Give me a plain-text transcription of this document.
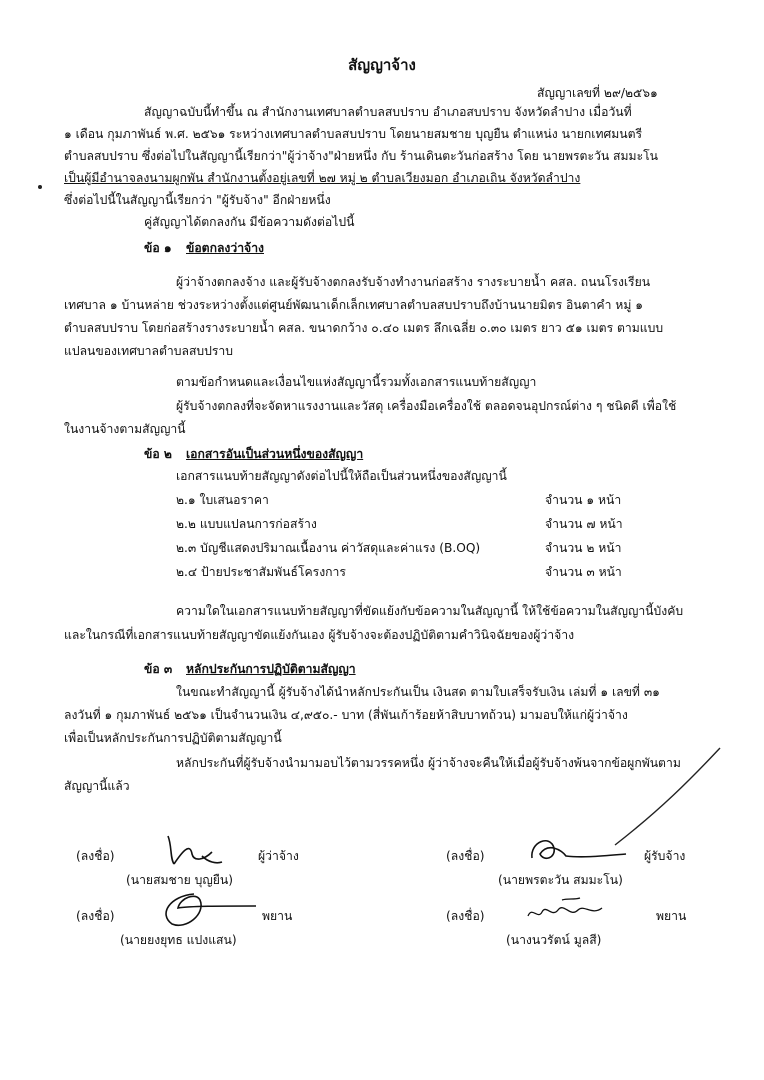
สัญญาจ้าง
สัญญาเลขที่ ๒๙/๒๕๖๑
สัญญาฉบับนี้ทำขึ้น ณ สำนักงานเทศบาลตำบลสบปราบ อำเภอสบปราบ จังหวัดลำปาง เมื่อวันที่
๑ เดือน กุมภาพันธ์ พ.ศ. ๒๕๖๑ ระหว่างเทศบาลตำบลสบปราบ โดยนายสมชาย บุญยืน ตำแหน่ง นายกเทศมนตรี
ตำบลสบปราบ ซึ่งต่อไปในสัญญานี้เรียกว่า"ผู้ว่าจ้าง"ฝ่ายหนึ่ง กับ ร้านเดินตะวันก่อสร้าง โดย นายพรตะวัน สมมะโน
เป็นผู้มีอำนาจลงนามผูกพัน สำนักงานตั้งอยู่เลขที่ ๒๗ หมู่ ๒ ตำบลเวียงมอก อำเภอเถิน จังหวัดลำปาง
ซึ่งต่อไปนี้ในสัญญานี้เรียกว่า "ผู้รับจ้าง" อีกฝ่ายหนึ่ง
คู่สัญญาได้ตกลงกัน มีข้อความดังต่อไปนี้
ข้อ ๑ ข้อตกลงว่าจ้าง
ผู้ว่าจ้างตกลงจ้าง และผู้รับจ้างตกลงรับจ้างทำงานก่อสร้าง รางระบายน้ำ คสล. ถนนโรงเรียน
เทศบาล ๑ บ้านหล่าย ช่วงระหว่างตั้งแต่ศูนย์พัฒนาเด็กเล็กเทศบาลตำบลสบปราบถึงบ้านนายมิตร อินตาคำ หมู่ ๑
ตำบลสบปราบ โดยก่อสร้างรางระบายน้ำ คสล. ขนาดกว้าง ๐.๔๐ เมตร ลึกเฉลี่ย ๐.๓๐ เมตร ยาว ๕๑ เมตร ตามแบบ
แปลนของเทศบาลตำบลสบปราบ
ตามข้อกำหนดและเงื่อนไขแห่งสัญญานี้รวมทั้งเอกสารแนบท้ายสัญญา
ผู้รับจ้างตกลงที่จะจัดหาแรงงานและวัสดุ เครื่องมือเครื่องใช้ ตลอดจนอุปกรณ์ต่าง ๆ ชนิดดี เพื่อใช้
ในงานจ้างตามสัญญานี้
ข้อ ๒ เอกสารอันเป็นส่วนหนึ่งของสัญญา
เอกสารแนบท้ายสัญญาดังต่อไปนี้ให้ถือเป็นส่วนหนึ่งของสัญญานี้
๒.๑ ใบเสนอราคา	จำนวน ๑ หน้า
๒.๒ แบบแปลนการก่อสร้าง	จำนวน ๗ หน้า
๒.๓ บัญชีแสดงปริมาณเนื้องาน ค่าวัสดุและค่าแรง (B.OQ)	จำนวน ๒ หน้า
๒.๔ ป้ายประชาสัมพันธ์โครงการ	จำนวน ๓ หน้า
ความใดในเอกสารแนบท้ายสัญญาที่ขัดแย้งกับข้อความในสัญญานี้ ให้ใช้ข้อความในสัญญานี้บังคับ
และในกรณีที่เอกสารแนบท้ายสัญญาขัดแย้งกันเอง ผู้รับจ้างจะต้องปฏิบัติตามคำวินิจฉัยของผู้ว่าจ้าง
ข้อ ๓ หลักประกันการปฏิบัติตามสัญญา
ในขณะทำสัญญานี้ ผู้รับจ้างได้นำหลักประกันเป็น เงินสด ตามใบเสร็จรับเงิน เล่มที่ ๑ เลขที่ ๓๑
ลงวันที่ ๑ กุมภาพันธ์ ๒๕๖๑ เป็นจำนวนเงิน ๔,๙๕๐.- บาท (สี่พันเก้าร้อยห้าสิบบาทถ้วน) มามอบให้แก่ผู้ว่าจ้าง
เพื่อเป็นหลักประกันการปฏิบัติตามสัญญานี้
หลักประกันที่ผู้รับจ้างนำมามอบไว้ตามวรรคหนึ่ง ผู้ว่าจ้างจะคืนให้เมื่อผู้รับจ้างพ้นจากข้อผูกพันตาม
สัญญานี้แล้ว
(ลงชื่อ)	ผู้ว่าจ้าง
(นายสมชาย บุญยืน)
(ลงชื่อ)	ผู้รับจ้าง
(นายพรตะวัน สมมะโน)
(ลงชื่อ)	พยาน
(นายยงยุทธ แปงแสน)
(ลงชื่อ)	พยาน
(นางนวรัตน์ มูลสี)
